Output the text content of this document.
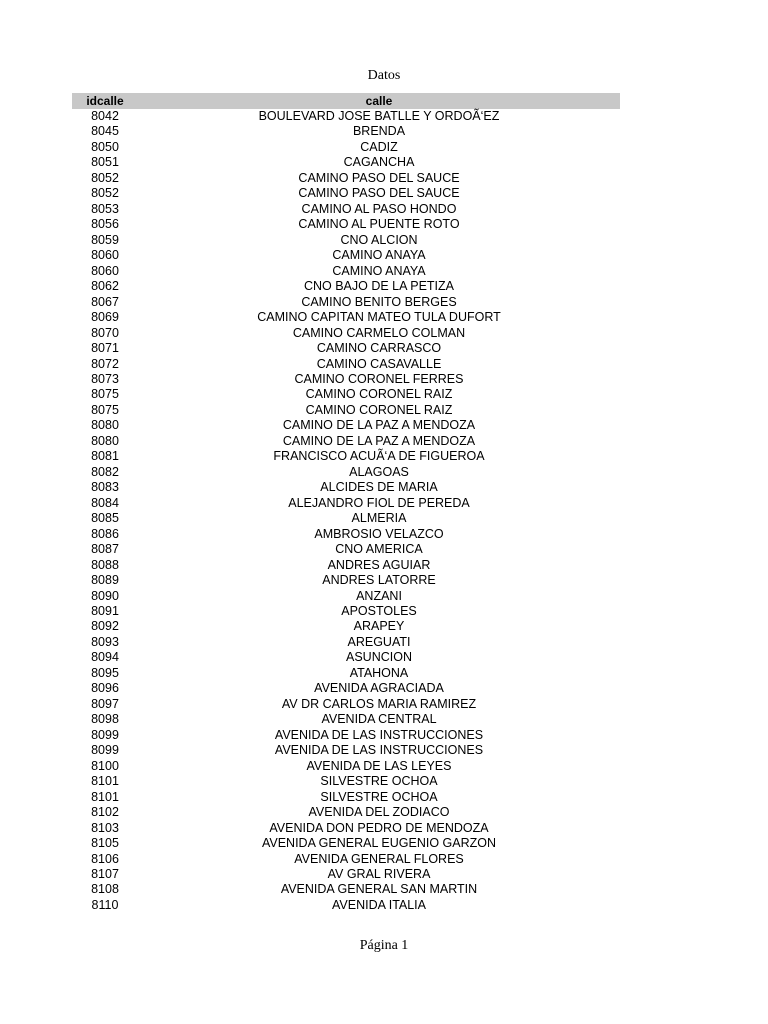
Datos
idcalle	calle
8042	BOULEVARD JOSE BATLLE Y ORDOÃ‘EZ
8045	BRENDA
8050	CADIZ
8051	CAGANCHA
8052	CAMINO PASO DEL SAUCE
8052	CAMINO PASO DEL SAUCE
8053	CAMINO AL PASO HONDO
8056	CAMINO AL PUENTE ROTO
8059	CNO ALCION
8060	CAMINO ANAYA
8060	CAMINO ANAYA
8062	CNO BAJO DE LA PETIZA
8067	CAMINO BENITO BERGES
8069	CAMINO CAPITAN MATEO TULA DUFORT
8070	CAMINO CARMELO COLMAN
8071	CAMINO CARRASCO
8072	CAMINO CASAVALLE
8073	CAMINO CORONEL FERRES
8075	CAMINO CORONEL RAIZ
8075	CAMINO CORONEL RAIZ
8080	CAMINO DE LA PAZ A MENDOZA
8080	CAMINO DE LA PAZ A MENDOZA
8081	FRANCISCO ACUÃ‘A DE FIGUEROA
8082	ALAGOAS
8083	ALCIDES DE MARIA
8084	ALEJANDRO FIOL DE PEREDA
8085	ALMERIA
8086	AMBROSIO VELAZCO
8087	CNO AMERICA
8088	ANDRES AGUIAR
8089	ANDRES LATORRE
8090	ANZANI
8091	APOSTOLES
8092	ARAPEY
8093	AREGUATI
8094	ASUNCION
8095	ATAHONA
8096	AVENIDA AGRACIADA
8097	AV DR CARLOS MARIA RAMIREZ
8098	AVENIDA CENTRAL
8099	AVENIDA DE LAS INSTRUCCIONES
8099	AVENIDA DE LAS INSTRUCCIONES
8100	AVENIDA DE LAS LEYES
8101	SILVESTRE OCHOA
8101	SILVESTRE OCHOA
8102	AVENIDA DEL ZODIACO
8103	AVENIDA DON PEDRO DE MENDOZA
8105	AVENIDA GENERAL EUGENIO GARZON
8106	AVENIDA GENERAL FLORES
8107	AV GRAL RIVERA
8108	AVENIDA GENERAL SAN MARTIN
8110	AVENIDA ITALIA
Página 1
